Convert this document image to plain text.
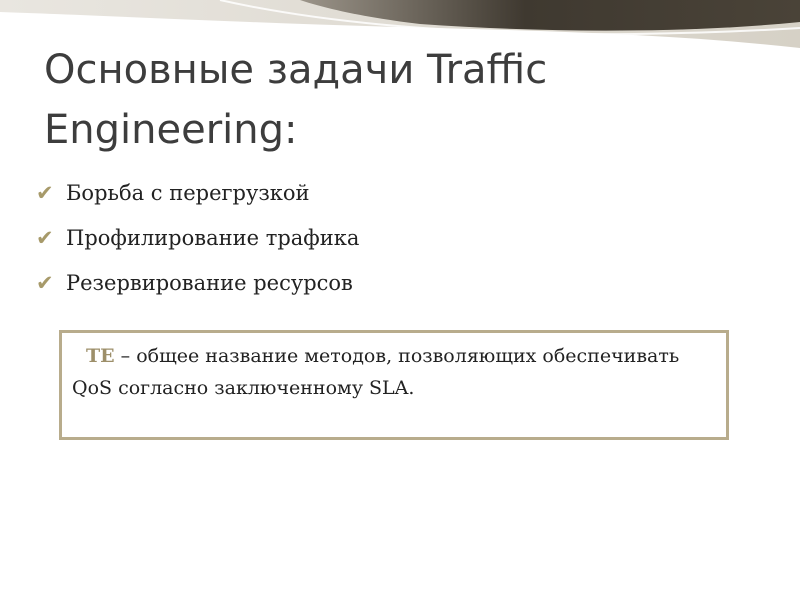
Основные задачи Traffic Engineering:
✔ Борьба с перегрузкой
✔ Профилирование трафика
✔ Резервирование ресурсов
TE – общее название методов, позволяющих обеспечивать QoS согласно заключенному SLA.
